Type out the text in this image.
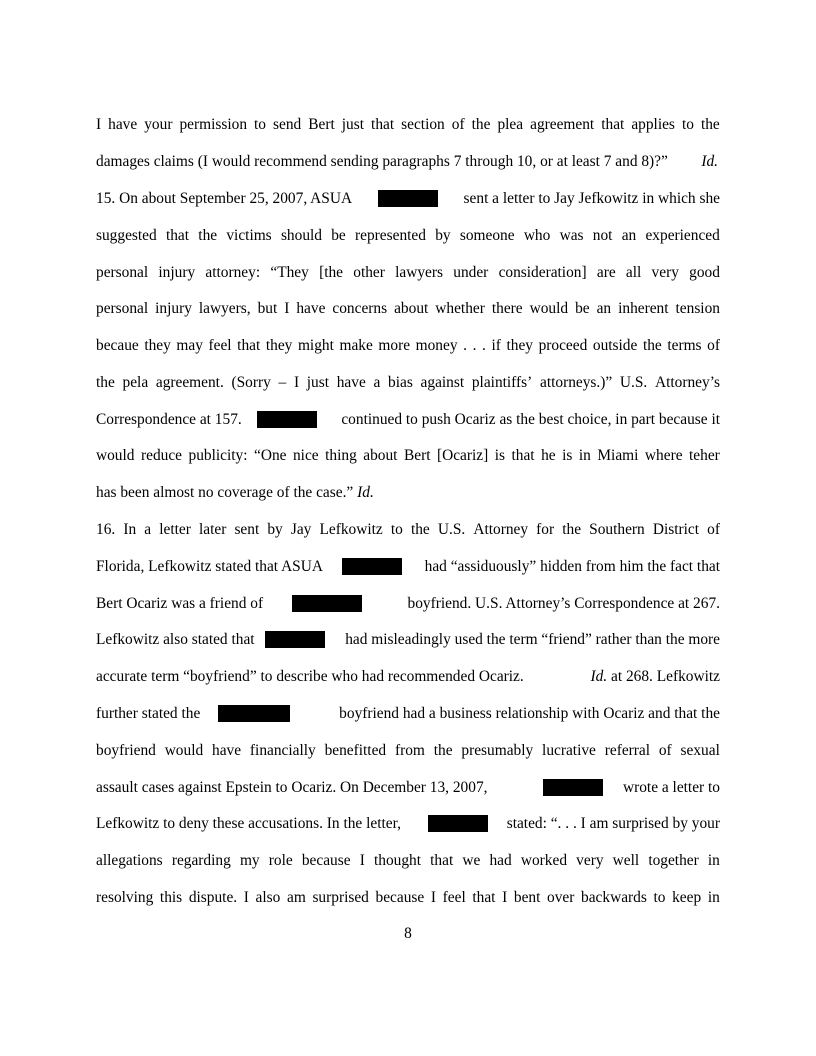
I have your permission to send Bert just that section of the plea agreement that applies to the
damages claims (I would recommend sending paragraphs 7 through 10, or at least 7 and 8)?” Id.
15. On about September 25, 2007, ASUA	sent a letter to Jay Jefkowitz in which she
suggested that the victims should be represented by someone who was not an experienced
personal injury attorney: “They [the other lawyers under consideration] are all very good
personal injury lawyers, but I have concerns about whether there would be an inherent tension
becaue they may feel that they might make more money . . . if they proceed outside the terms of
the pela agreement. (Sorry – I just have a bias against plaintiffs’ attorneys.)” U.S. Attorney’s
Correspondence at 157.	continued to push Ocariz as the best choice, in part because it
would reduce publicity: “One nice thing about Bert [Ocariz] is that he is in Miami where teher
has been almost no coverage of the case.” Id.
16. In a letter later sent by Jay Lefkowitz to the U.S. Attorney for the Southern District of
Florida, Lefkowitz stated that ASUA	had “assiduously” hidden from him the fact that
Bert Ocariz was a friend of	boyfriend. U.S. Attorney’s Correspondence at 267.
Lefkowitz also stated that	had misleadingly used the term “friend” rather than the more
accurate term “boyfriend” to describe who had recommended Ocariz.	Id. at 268. Lefkowitz
further stated the	boyfriend had a business relationship with Ocariz and that the
boyfriend would have financially benefitted from the presumably lucrative referral of sexual
assault cases against Epstein to Ocariz. On December 13, 2007,	wrote a letter to
Lefkowitz to deny these accusations. In the letter,	stated: “. . . I am surprised by your
allegations regarding my role because I thought that we had worked very well together in
resolving this dispute. I also am surprised because I feel that I bent over backwards to keep in
8
